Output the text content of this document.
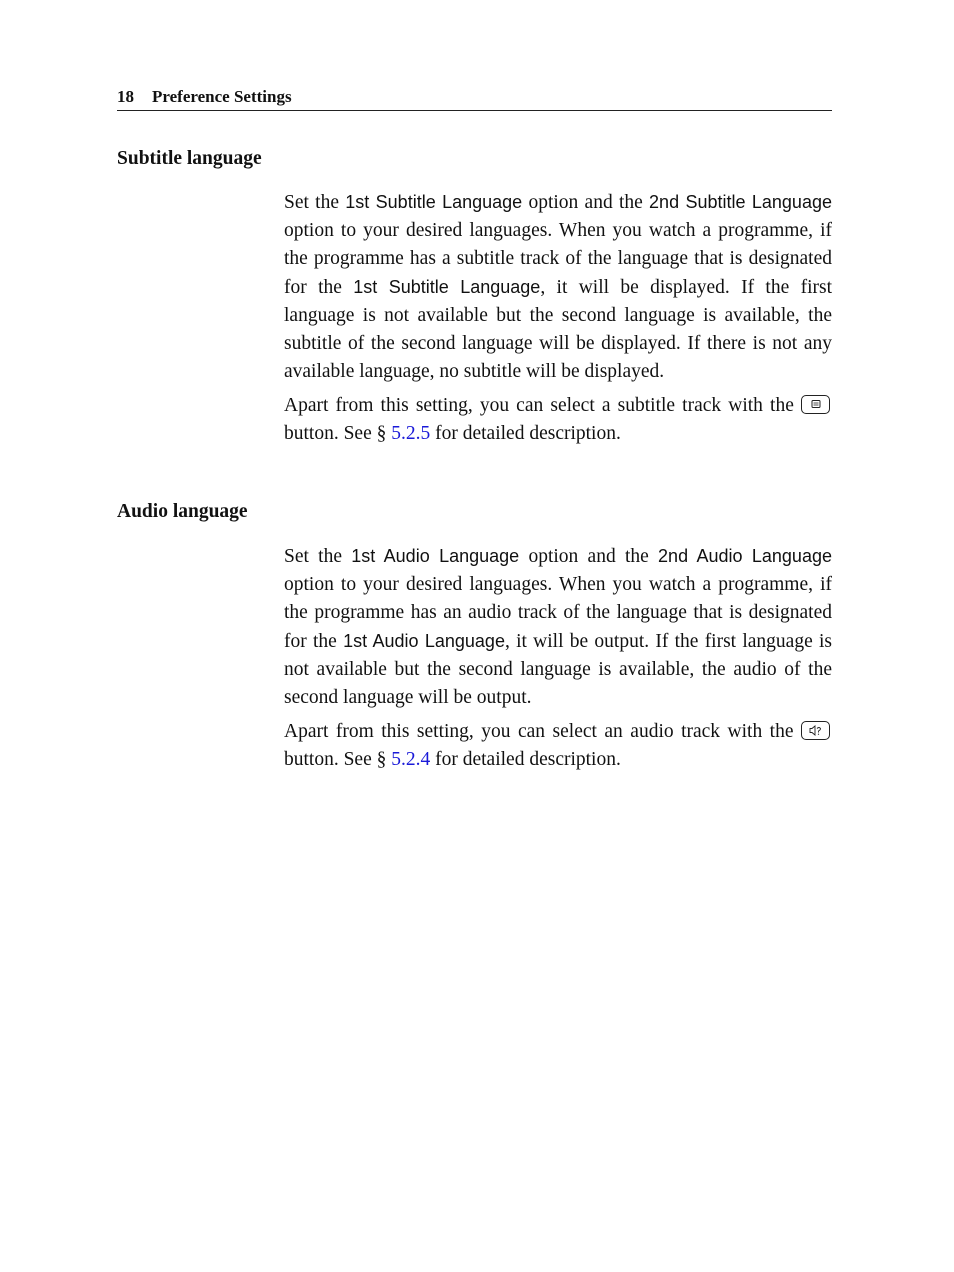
18 Preference Settings
Subtitle language

Set the 1st Subtitle Language option and the 2nd Subtitle Language option to your desired languages. When you watch a programme, if the programme has a subtitle track of the language that is designated for the 1st Subtitle Language, it will be displayed. If the first language is not available but the second language is available, the subtitle of the second language will be displayed. If there is not any available language, no subtitle will be displayed.

Apart from this setting, you can select a subtitle track with the
button. See § 5.2.5 for detailed description.

Audio language

Set the 1st Audio Language option and the 2nd Audio Language option to your desired languages. When you watch a programme, if the programme has an audio track of the language that is designated for the 1st Audio Language, it will be output. If the first language is not available but the second language is available, the audio of the second language will be output.

Apart from this setting, you can select an audio track with the
button. See § 5.2.4 for detailed description.
